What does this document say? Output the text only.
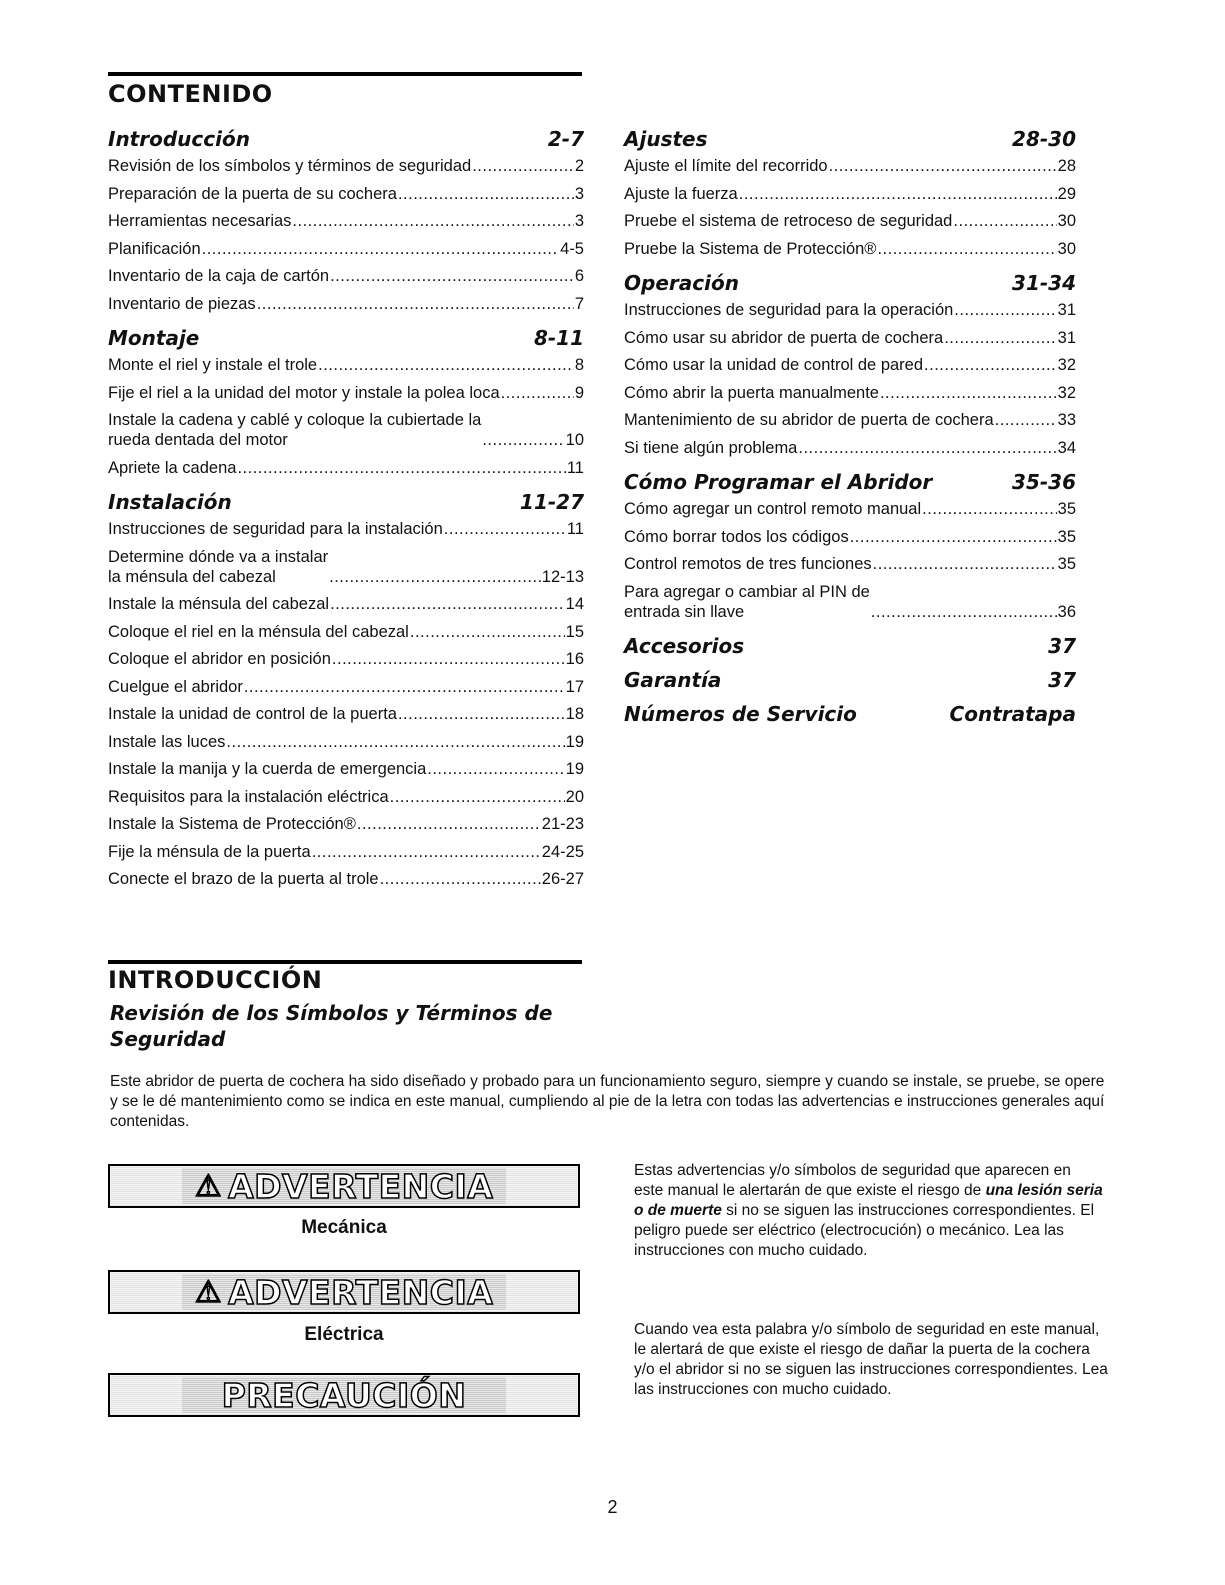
CONTENIDO
Introducción	2-7
Revisión de los símbolos y términos de seguridad .....	2
Preparación de la puerta de su cochera .....	3
Herramientas necesarias .....	3
Planificación .....	4-5
Inventario de la caja de cartón .....	6
Inventario de piezas .....	7
Montaje	8-11
Monte el riel y instale el trole .....	8
Fije el riel a la unidad del motor y instale la polea loca .....	9
Instale la cadena y cablé y coloque la cubiertade la
rueda dentada del motor .....	10
Apriete la cadena .....	11
Instalación	11-27
Instrucciones de seguridad para la instalación .....	11
Determine dónde va a instalar
la ménsula del cabezal .....	12-13
Instale la ménsula del cabezal .....	14
Coloque el riel en la ménsula del cabezal .....	15
Coloque el abridor en posición .....	16
Cuelgue el abridor .....	17
Instale la unidad de control de la puerta .....	18
Instale las luces .....	19
Instale la manija y la cuerda de emergencia .....	19
Requisitos para la instalación eléctrica .....	20
Instale la Sistema de Protección® .....	21-23
Fije la ménsula de la puerta .....	24-25
Conecte el brazo de la puerta al trole .....	26-27
Ajustes	28-30
Ajuste el límite del recorrido .....	28
Ajuste la fuerza .....	29
Pruebe el sistema de retroceso de seguridad .....	30
Pruebe la Sistema de Protección® .....	30
Operación	31-34
Instrucciones de seguridad para la operación .....	31
Cómo usar su abridor de puerta de cochera .....	31
Cómo usar la unidad de control de pared .....	32
Cómo abrir la puerta manualmente .....	32
Mantenimiento de su abridor de puerta de cochera .....	33
Si tiene algún problema .....	34
Cómo Programar el Abridor	35-36
Cómo agregar un control remoto manual .....	35
Cómo borrar todos los códigos .....	35
Control remotos de tres funciones .....	35
Para agregar o cambiar al PIN de
entrada sin llave .....	36
Accesorios	37
Garantía	37
Números de Servicio	Contratapa
INTRODUCCIÓN
Revisión de los Símbolos y Términos de Seguridad
Este abridor de puerta de cochera ha sido diseñado y probado para un funcionamiento seguro, siempre y cuando se instale, se pruebe, se opere y se le dé mantenimiento como se indica en este manual, cumpliendo al pie de la letra con todas las advertencias e instrucciones generales aquí contenidas.
⚠ ADVERTENCIA
Mecánica
⚠ ADVERTENCIA
Eléctrica
PRECAUCIÓN
Estas advertencias y/o símbolos de seguridad que aparecen en este manual le alertarán de que existe el riesgo de una lesión seria o de muerte si no se siguen las instrucciones correspondientes. El peligro puede ser eléctrico (electrocución) o mecánico. Lea las instrucciones con mucho cuidado.
Cuando vea esta palabra y/o símbolo de seguridad en este manual, le alertará de que existe el riesgo de dañar la puerta de la cochera y/o el abridor si no se siguen las instrucciones correspondientes. Lea las instrucciones con mucho cuidado.
2
